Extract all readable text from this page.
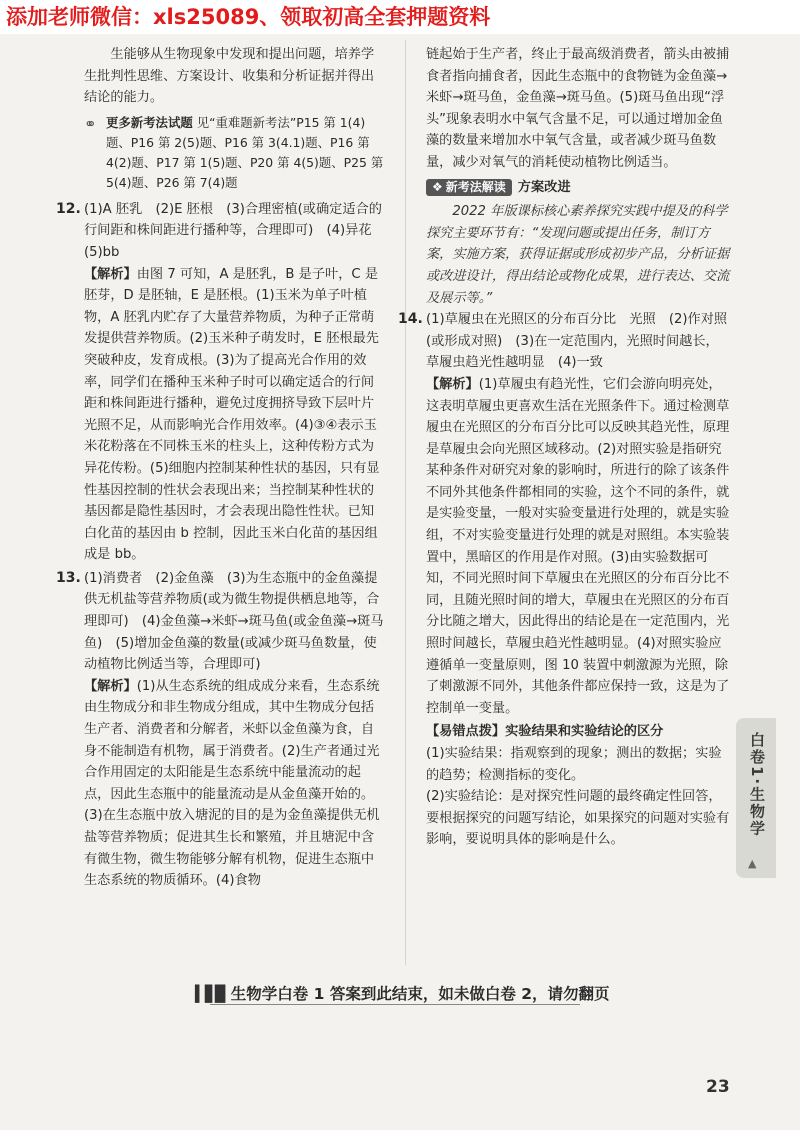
添加老师微信：xls25089、领取初高全套押题资料

生能够从生物现象中发现和提出问题，培养学生批判性思维、方案设计、收集和分析证据并得出结论的能力。

⚭ 更多新考法试题 见“重难题新考法”P15 第 1(4)题、P16 第 2(5)题、P16 第 3(4.1)题、P16 第 4(2)题、P17 第 1(5)题、P20 第 4(5)题、P25 第 5(4)题、P26 第 7(4)题
12. (1)A 胚乳　(2)E 胚根　(3)合理密植(或确定适合的行间距和株间距进行播种等，合理即可)　(4)异花　(5)bb

【解析】由图 7 可知，A 是胚乳，B 是子叶，C 是胚芽，D 是胚轴，E 是胚根。(1)玉米为单子叶植物，A 胚乳内贮存了大量营养物质，为种子正常萌发提供营养物质。(2)玉米种子萌发时，E 胚根最先突破种皮，发育成根。(3)为了提高光合作用的效率，同学们在播种玉米种子时可以确定适合的行间距和株间距进行播种，避免过度拥挤导致下层叶片光照不足，从而影响光合作用效率。(4)③④表示玉米花粉落在不同株玉米的柱头上，这种传粉方式为异花传粉。(5)细胞内控制某种性状的基因，只有显性基因控制的性状会表现出来；当控制某种性状的基因都是隐性基因时，才会表现出隐性性状。已知白化苗的基因由 b 控制，因此玉米白化苗的基因组成是 bb。

13. (1)消费者　(2)金鱼藻　(3)为生态瓶中的金鱼藻提供无机盐等营养物质(或为微生物提供栖息地等，合理即可)　(4)金鱼藻→米虾→斑马鱼(或金鱼藻→斑马鱼)　(5)增加金鱼藻的数量(或减少斑马鱼数量，使动植物比例适当等，合理即可)

【解析】(1)从生态系统的组成成分来看，生态系统由生物成分和非生物成分组成，其中生物成分包括生产者、消费者和分解者，米虾以金鱼藻为食，自身不能制造有机物，属于消费者。(2)生产者通过光合作用固定的太阳能是生态系统中能量流动的起点，因此生态瓶中的能量流动是从金鱼藻开始的。(3)在生态瓶中放入塘泥的目的是为金鱼藻提供无机盐等营养物质；促进其生长和繁殖，并且塘泥中含有微生物，微生物能够分解有机物，促进生态瓶中生态系统的物质循环。(4)食物

链起始于生产者，终止于最高级消费者，箭头由被捕食者指向捕食者，因此生态瓶中的食物链为金鱼藻→米虾→斑马鱼，金鱼藻→斑马鱼。(5)斑马鱼出现“浮头”现象表明水中氧气含量不足，可以通过增加金鱼藻的数量来增加水中氧气含量，或者减少斑马鱼数量，减少对氧气的消耗使动植物比例适当。

❖ 新考法解读 方案改进

2022 年版课标核心素养探究实践中提及的科学探究主要环节有：“发现问题或提出任务，制订方案，实施方案，获得证据或形成初步产品，分析证据或改进设计，得出结论或物化成果，进行表达、交流及展示等。”

14. (1)草履虫在光照区的分布百分比　光照　(2)作对照(或形成对照)　(3)在一定范围内，光照时间越长，草履虫趋光性越明显　(4)一致

【解析】(1)草履虫有趋光性，它们会游向明亮处，这表明草履虫更喜欢生活在光照条件下。通过检测草履虫在光照区的分布百分比可以反映其趋光性，原理是草履虫会向光照区域移动。(2)对照实验是指研究某种条件对研究对象的影响时，所进行的除了该条件不同外其他条件都相同的实验，这个不同的条件，就是实验变量，一般对实验变量进行处理的，就是实验组，不对实验变量进行处理的就是对照组。本实验装置中，黑暗区的作用是作对照。(3)由实验数据可知，不同光照时间下草履虫在光照区的分布百分比不同，且随光照时间的增大，草履虫在光照区的分布百分比随之增大，因此得出的结论是在一定范围内，光照时间越长，草履虫趋光性越明显。(4)对照实验应遵循单一变量原则，图 10 装置中刺激源为光照，除了刺激源不同外，其他条件都应保持一致，这是为了控制单一变量。

【易错点拨】实验结果和实验结论的区分

(1)实验结果：指观察到的现象；测出的数据；实验的趋势；检测指标的变化。

(2)实验结论：是对探究性问题的最终确定性回答，要根据探究的问题写结论，如果探究的问题对实验有影响，要说明具体的影响是什么。

▍▋▉ 生物学白卷 1 答案到此结束，如未做白卷 2，请勿翻页
白卷1·生物学
▲
23
